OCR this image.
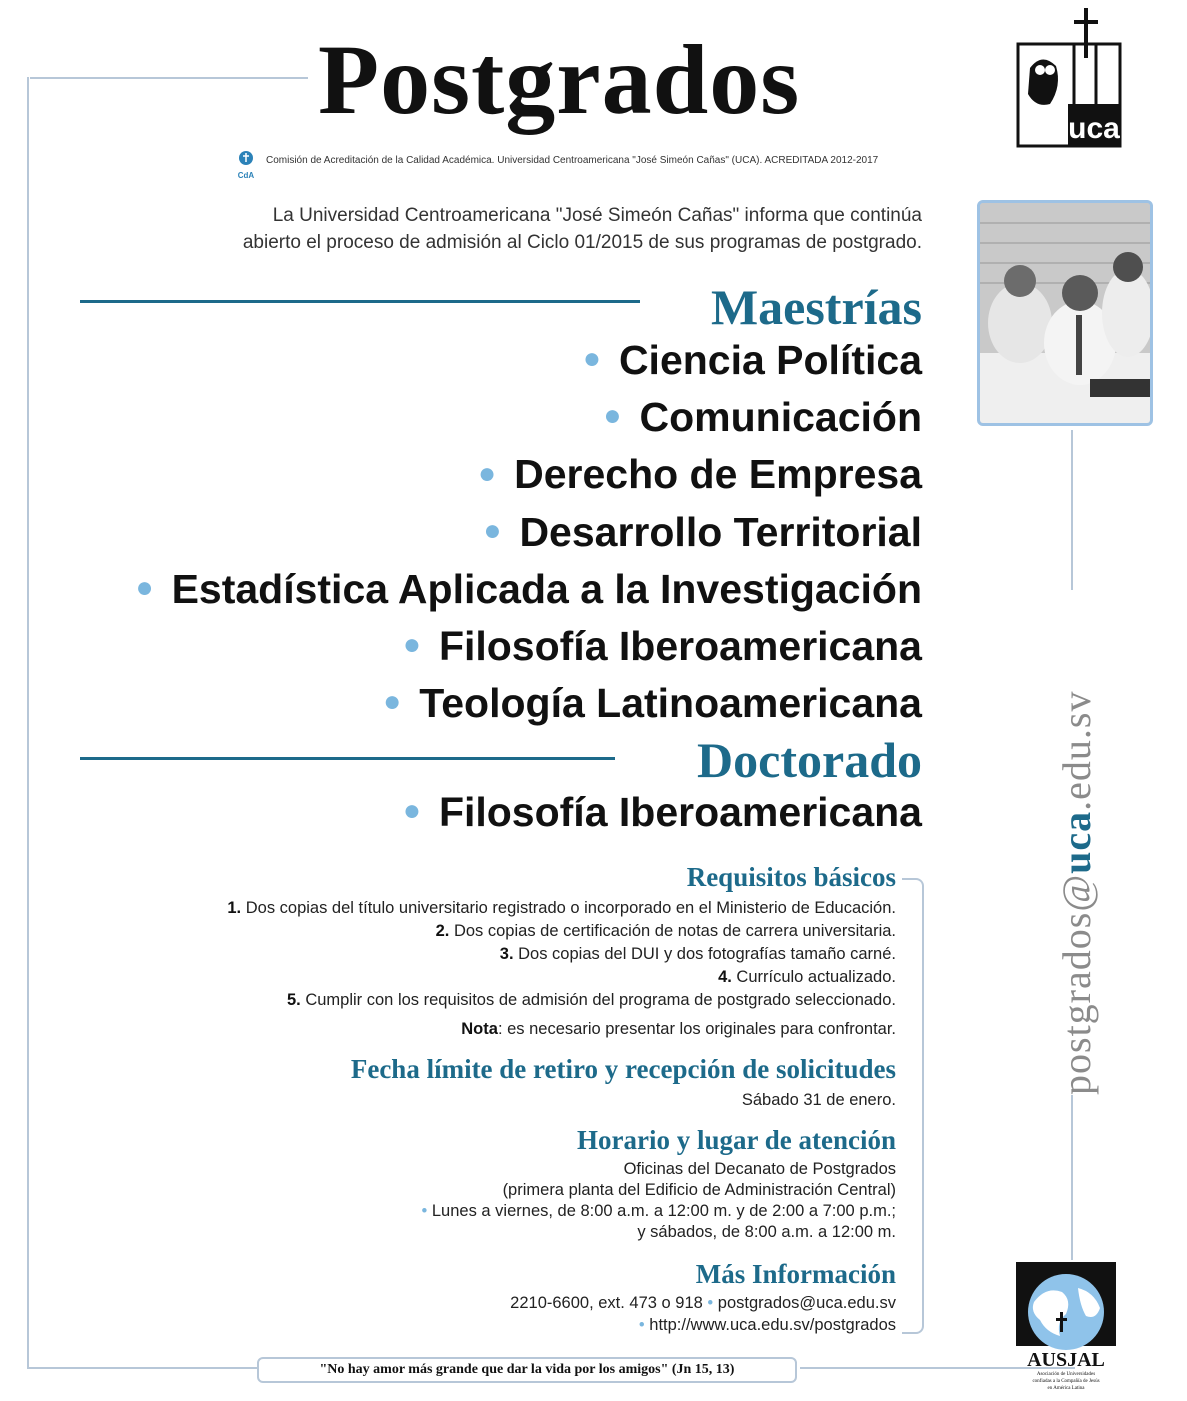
Postgrados
CdA
Comisión de Acreditación de la Calidad Académica. Universidad Centroamericana "José Simeón Cañas" (UCA). ACREDITADA 2012-2017
uca
La Universidad Centroamericana "José Simeón Cañas" informa que continúa
abierto el proceso de admisión al Ciclo 01/2015 de sus programas de postgrado.
Maestrías
● Ciencia Política
● Comunicación
● Derecho de Empresa
● Desarrollo Territorial
● Estadística Aplicada a la Investigación
● Filosofía Iberoamericana
● Teología Latinoamericana
Doctorado
● Filosofía Iberoamericana
Requisitos básicos
1. Dos copias del título universitario registrado o incorporado en el Ministerio de Educación.
2. Dos copias de certificación de notas de carrera universitaria.
3. Dos copias del DUI y dos fotografías tamaño carné.
4. Currículo actualizado.
5. Cumplir con los requisitos de admisión del programa de postgrado seleccionado.
Nota: es necesario presentar los originales para confrontar.
Fecha límite de retiro y recepción de solicitudes
Sábado 31 de enero.
Horario y lugar de atención
Oficinas del Decanato de Postgrados
(primera planta del Edificio de Administración Central)
• Lunes a viernes, de 8:00 a.m. a 12:00 m. y de 2:00 a 7:00 p.m.;
y sábados, de 8:00 a.m. a 12:00 m.
Más Información
2210-6600, ext. 473 o 918 • postgrados@uca.edu.sv
• http://www.uca.edu.sv/postgrados
postgrados@uca.edu.sv
AUSJAL
Asociación de Universidades
confiadas a la Compañía de Jesús
en América Latina
"No hay amor más grande que dar la vida por los amigos" (Jn 15, 13)
